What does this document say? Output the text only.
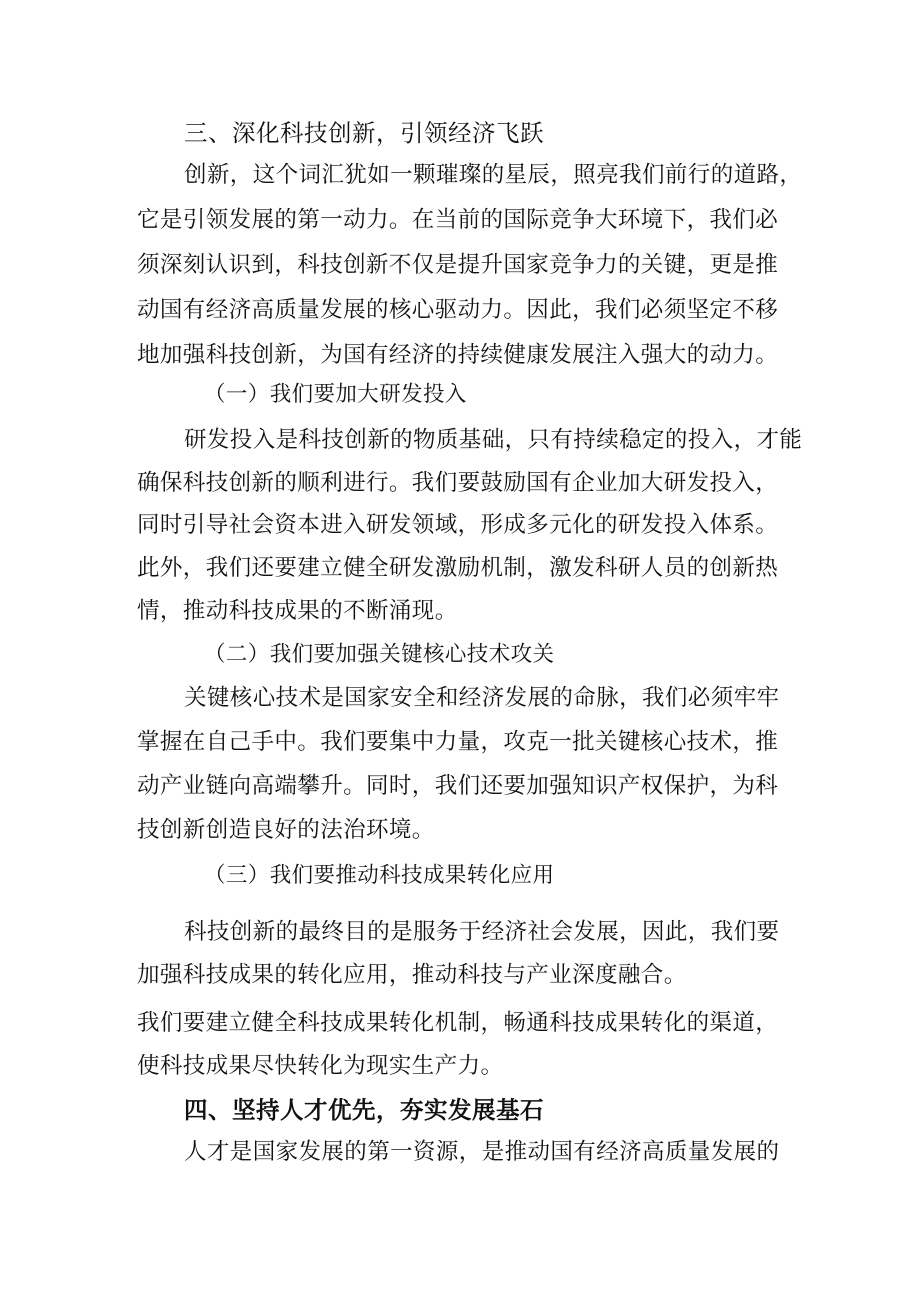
三、深化科技创新，引领经济飞跃
创新，这个词汇犹如一颗璀璨的星辰，照亮我们前行的道路，
它是引领发展的第一动力。在当前的国际竞争大环境下，我们必
须深刻认识到，科技创新不仅是提升国家竞争力的关键，更是推
动国有经济高质量发展的核心驱动力。因此，我们必须坚定不移
地加强科技创新，为国有经济的持续健康发展注入强大的动力。
（一）我们要加大研发投入
研发投入是科技创新的物质基础，只有持续稳定的投入，才能
确保科技创新的顺利进行。我们要鼓励国有企业加大研发投入，
同时引导社会资本进入研发领域，形成多元化的研发投入体系。
此外，我们还要建立健全研发激励机制，激发科研人员的创新热
情，推动科技成果的不断涌现。
（二）我们要加强关键核心技术攻关
关键核心技术是国家安全和经济发展的命脉，我们必须牢牢
掌握在自己手中。我们要集中力量，攻克一批关键核心技术，推
动产业链向高端攀升。同时，我们还要加强知识产权保护，为科
技创新创造良好的法治环境。
（三）我们要推动科技成果转化应用
科技创新的最终目的是服务于经济社会发展，因此，我们要
加强科技成果的转化应用，推动科技与产业深度融合。
我们要建立健全科技成果转化机制，畅通科技成果转化的渠道，
使科技成果尽快转化为现实生产力。
四、坚持人才优先，夯实发展基石
人才是国家发展的第一资源，是推动国有经济高质量发展的
